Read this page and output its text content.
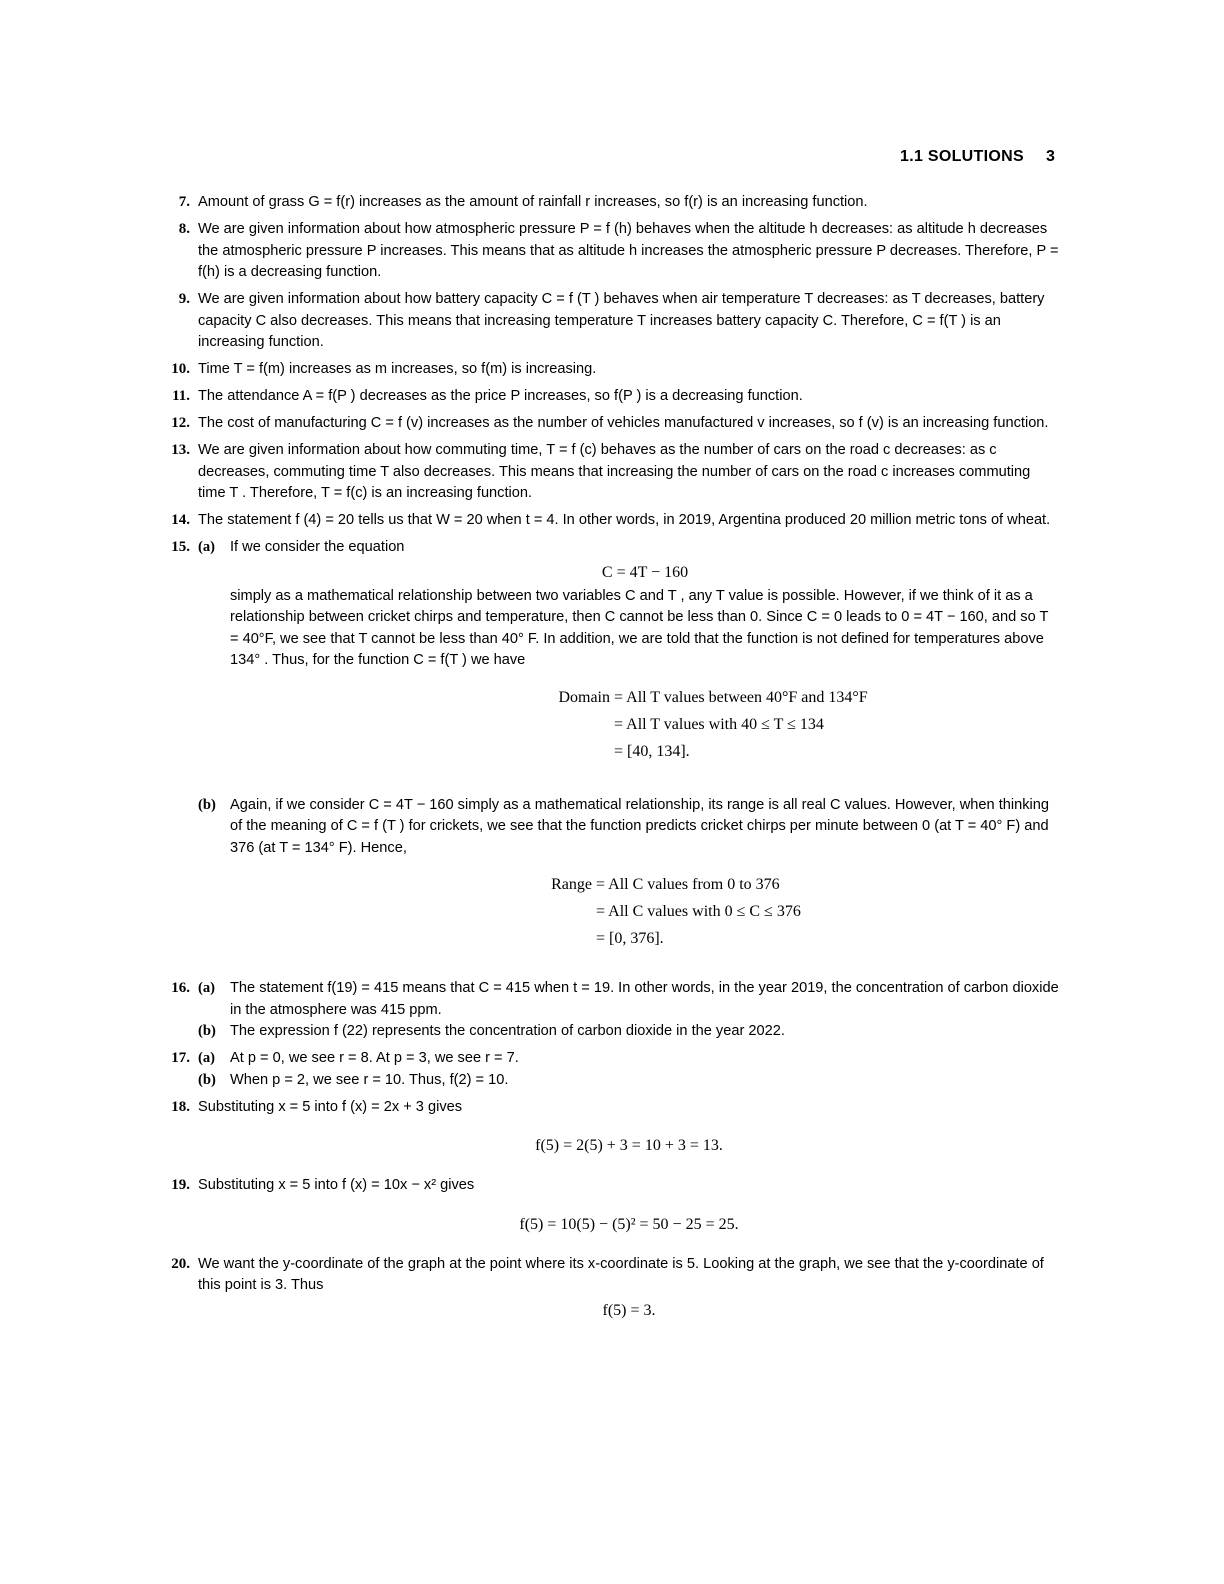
1.1 SOLUTIONS 3
7. Amount of grass G = f(r) increases as the amount of rainfall r increases, so f(r) is an increasing function.
8. We are given information about how atmospheric pressure P = f (h) behaves when the altitude h decreases: as altitude h decreases the atmospheric pressure P increases. This means that as altitude h increases the atmospheric pressure P decreases. Therefore, P = f(h) is a decreasing function.
9. We are given information about how battery capacity C = f (T ) behaves when air temperature T decreases: as T decreases, battery capacity C also decreases. This means that increasing temperature T increases battery capacity C. Therefore, C = f(T ) is an increasing function.
10. Time T = f(m) increases as m increases, so f(m) is increasing.
11. The attendance A = f(P ) decreases as the price P increases, so f(P ) is a decreasing function.
12. The cost of manufacturing C = f (v) increases as the number of vehicles manufactured v increases, so f (v) is an increasing function.
13. We are given information about how commuting time, T = f (c) behaves as the number of cars on the road c decreases: as c decreases, commuting time T also decreases. This means that increasing the number of cars on the road c increases commuting time T . Therefore, T = f(c) is an increasing function.
14. The statement f (4) = 20 tells us that W = 20 when t = 4. In other words, in 2019, Argentina produced 20 million metric tons of wheat.
15. (a) If we consider the equation
C = 4T − 160
simply as a mathematical relationship between two variables C and T , any T value is possible. However, if we think of it as a relationship between cricket chirps and temperature, then C cannot be less than 0. Since C = 0 leads to 0 = 4T − 160, and so T = 40°F, we see that T cannot be less than 40° F. In addition, we are told that the function is not defined for temperatures above 134° . Thus, for the function C = f(T ) we have
Domain = All T values between 40°F and 134°F
= All T values with 40 ≤ T ≤ 134
= [40, 134].
(b) Again, if we consider C = 4T − 160 simply as a mathematical relationship, its range is all real C values. However, when thinking of the meaning of C = f (T ) for crickets, we see that the function predicts cricket chirps per minute between 0 (at T = 40° F) and 376 (at T = 134° F). Hence,
Range = All C values from 0 to 376
= All C values with 0 ≤ C ≤ 376
= [0, 376].
16. (a) The statement f(19) = 415 means that C = 415 when t = 19. In other words, in the year 2019, the concentration of carbon dioxide in the atmosphere was 415 ppm.
(b) The expression f (22) represents the concentration of carbon dioxide in the year 2022.
17. (a) At p = 0, we see r = 8. At p = 3, we see r = 7.
(b) When p = 2, we see r = 10. Thus, f(2) = 10.
18. Substituting x = 5 into f (x) = 2x + 3 gives
f(5) = 2(5) + 3 = 10 + 3 = 13.
19. Substituting x = 5 into f (x) = 10x − x² gives
f(5) = 10(5) − (5)² = 50 − 25 = 25.
20. We want the y-coordinate of the graph at the point where its x-coordinate is 5. Looking at the graph, we see that the y-coordinate of this point is 3. Thus
f(5) = 3.
